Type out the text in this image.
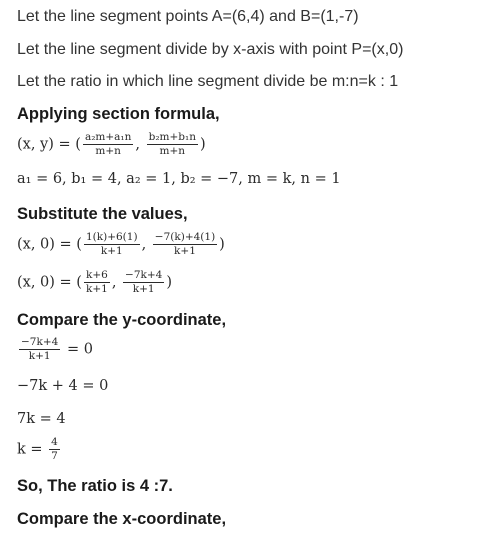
Let the line segment points A=(6,4) and B=(1,-7)
Let the line segment divide by x-axis with point P=(x,0)
Let the ratio in which line segment divide be m:n=k : 1
Applying section formula,
(x, y) = ( $\frac{\text{a₂m+a₁n}}{m+n}$ , $\frac{\text{b₂m+b₁n}}{m+n}$ )
a₁ = 6, b₁ = 4, a₂ = 1, b₂ = −7, m = k, n = 1
Substitute the values,
(x, 0) = ( $\frac{1(k)+6(1)}{k+1}$ , $\frac{-7(k)+4(1)}{k+1}$ )
(x, 0) = ( $\frac{k+6}{k+1}$ , $\frac{-7k+4}{k+1}$ )
Compare the y-coordinate,
$\frac{-7k+4}{k+1} = 0$
−7k + 4 = 0
7k = 4
$k = \frac{4}{7}$
So, The ratio is 4 :7.
Compare the x-coordinate,
